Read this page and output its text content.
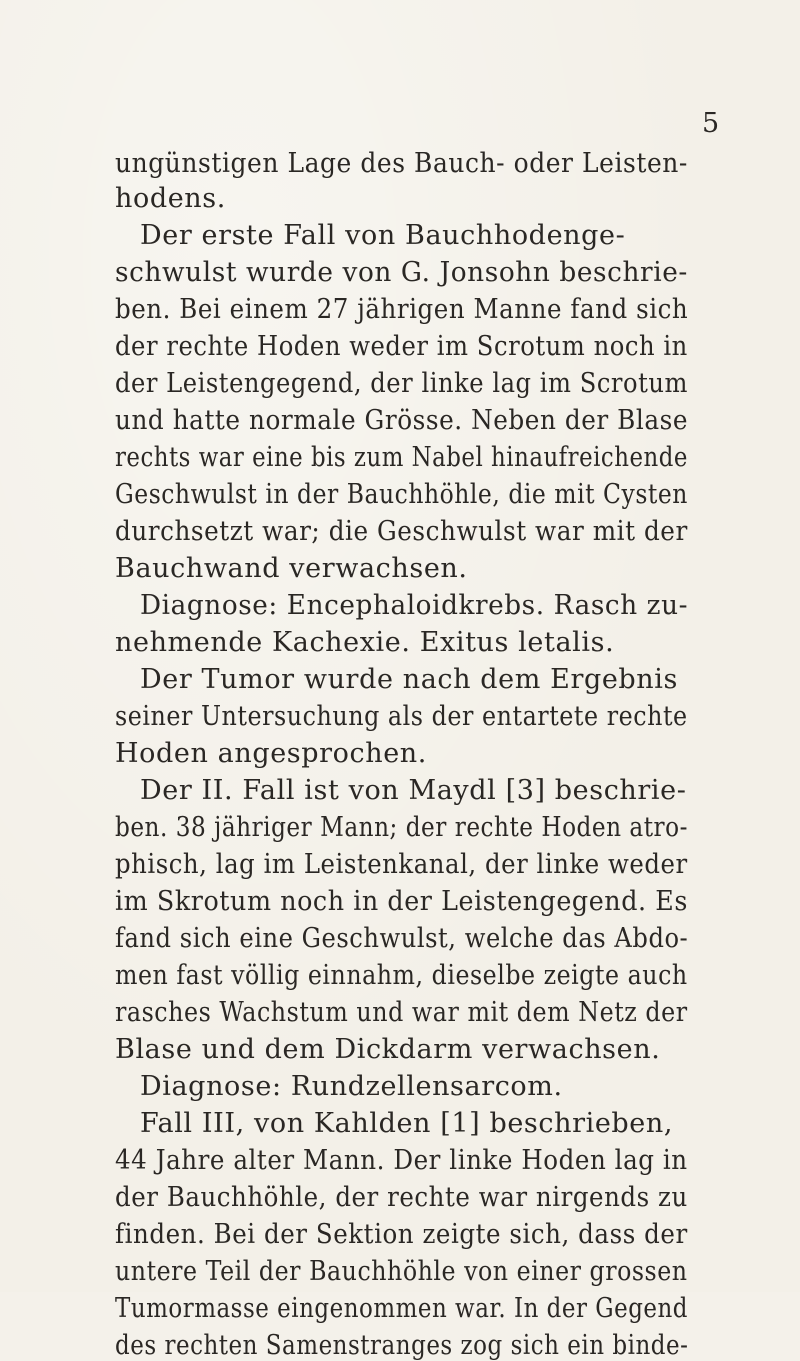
5
ungünstigen Lage des Bauch- oder Leisten-
hodens.
Der erste Fall von Bauchhodenge-
schwulst wurde von G. Jonsohn beschrie-
ben. Bei einem 27 jährigen Manne fand sich
der rechte Hoden weder im Scrotum noch in
der Leistengegend, der linke lag im Scrotum
und hatte normale Grösse. Neben der Blase
rechts war eine bis zum Nabel hinaufreichende
Geschwulst in der Bauchhöhle, die mit Cysten
durchsetzt war; die Geschwulst war mit der
Bauchwand verwachsen.
Diagnose: Encephaloidkrebs. Rasch zu-
nehmende Kachexie. Exitus letalis.
Der Tumor wurde nach dem Ergebnis
seiner Untersuchung als der entartete rechte
Hoden angesprochen.
Der II. Fall ist von Maydl [3] beschrie-
ben. 38 jähriger Mann; der rechte Hoden atro-
phisch, lag im Leistenkanal, der linke weder
im Skrotum noch in der Leistengegend. Es
fand sich eine Geschwulst, welche das Abdo-
men fast völlig einnahm, dieselbe zeigte auch
rasches Wachstum und war mit dem Netz der
Blase und dem Dickdarm verwachsen.
Diagnose: Rundzellensarcom.
Fall III, von Kahlden [1] beschrieben,
44 Jahre alter Mann. Der linke Hoden lag in
der Bauchhöhle, der rechte war nirgends zu
finden. Bei der Sektion zeigte sich, dass der
untere Teil der Bauchhöhle von einer grossen
Tumormasse eingenommen war. In der Gegend
des rechten Samenstranges zog sich ein binde-
